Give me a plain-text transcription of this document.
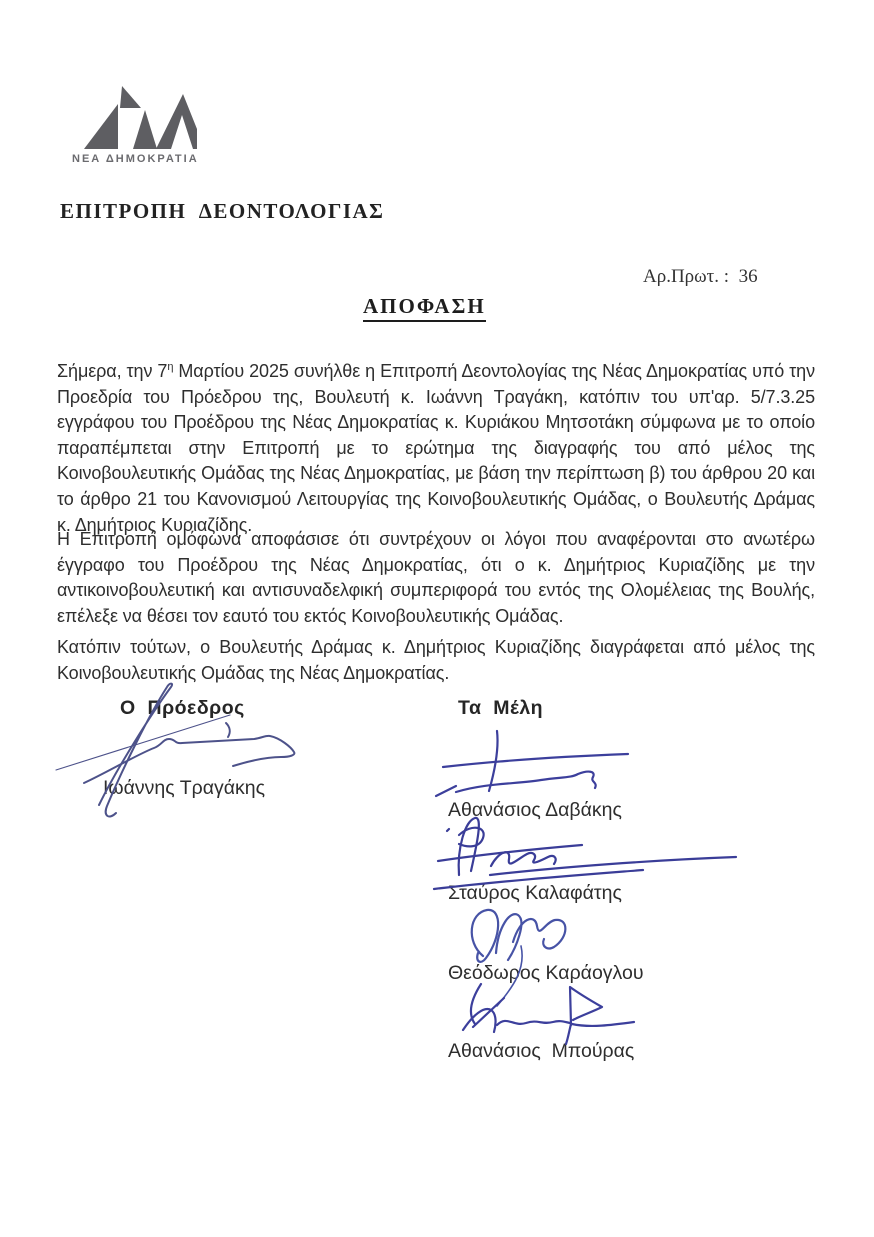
ΝΕΑ ΔΗΜΟΚΡΑΤΙΑ
ΕΠΙΤΡΟΠΗ  ΔΕΟΝΤΟΛΟΓΙΑΣ
Αρ.Πρωτ. :  36
ΑΠΟΦΑΣΗ

Σήμερα, την $7^\eta$ Μαρτίου 2025 συνήλθε η Επιτροπή Δεοντολογίας της Νέας Δημοκρατίας υπό την Προεδρία του Πρόεδρου της, Βουλευτή κ. Ιωάννη Τραγάκη, κατόπιν του υπ'αρ. 5/7.3.25 εγγράφου του Προέδρου της Νέας Δημοκρατίας κ. Κυριάκου Μητσοτάκη σύμφωνα με το οποίο παραπέμπεται στην Επιτροπή με το ερώτημα της διαγραφής του από μέλος της Κοινοβουλευτικής Ομάδας της Νέας Δημοκρατίας, με βάση την περίπτωση β) του άρθρου 20 και το άρθρο 21 του Κανονισμού Λειτουργίας της Κοινοβουλευτικής Ομάδας, ο Βουλευτής Δράμας κ. Δημήτριος Κυριαζίδης.

Η Επιτροπή ομόφωνα αποφάσισε ότι συντρέχουν οι λόγοι που αναφέρονται στο ανωτέρω έγγραφο του Προέδρου της Νέας Δημοκρατίας, ότι ο κ. Δημήτριος Κυριαζίδης με την αντικοινοβουλευτική και αντισυναδελφική συμπεριφορά του εντός της Ολομέλειας της Βουλής, επέλεξε να θέσει τον εαυτό του εκτός Κοινοβουλευτικής Ομάδας.

Κατόπιν τούτων, ο Βουλευτής Δράμας κ. Δημήτριος Κυριαζίδης διαγράφεται από μέλος της Κοινοβουλευτικής Ομάδας της Νέας Δημοκρατίας.

Ο  Πρόεδρος	Τα  Μέλη
Ιωάννης Τραγάκης
Αθανάσιος Δαβάκης
Σταύρος Καλαφάτης
Θεόδωρος Καράογλου
Αθανάσιος  Μπούρας
